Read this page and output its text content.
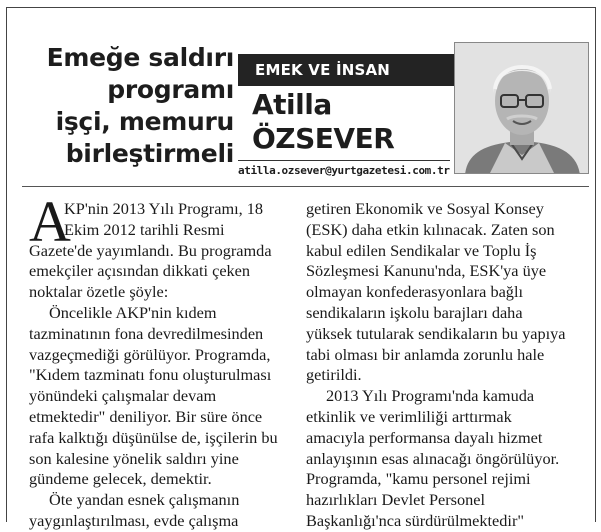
Emeğe saldırı
programı
işçi, memuru
birleştirmeli
EMEK VE İNSAN
Atilla
ÖZSEVER
atilla.ozsever@yurtgazetesi.com.tr
A

KP'nin 2013 Yılı Programı, 18

Ekim 2012 tarihli Resmi

Gazete'de yayımlandı. Bu programda

emekçiler açısından dikkati çeken

noktalar özetle şöyle:

Öncelikle AKP'nin kıdem

tazminatının fona devredilmesinden

vazgeçmediği görülüyor. Programda,

"Kıdem tazminatı fonu oluşturulması

yönündeki çalışmalar devam

etmektedir" deniliyor. Bir süre önce

rafa kalktığı düşünülse de, işçilerin bu

son kalesine yönelik saldırı yine

gündeme gelecek, demektir.

Öte yandan esnek çalışmanın

yaygınlaştırılması, evde çalışma

getiren Ekonomik ve Sosyal Konsey

(ESK) daha etkin kılınacak. Zaten son

kabul edilen Sendikalar ve Toplu İş

Sözleşmesi Kanunu'nda, ESK'ya üye

olmayan konfederasyonlara bağlı

sendikaların işkolu barajları daha

yüksek tutularak sendikaların bu yapıya

tabi olması bir anlamda zorunlu hale

getirildi.

2013 Yılı Programı'nda kamuda

etkinlik ve verimliliği arttırmak

amacıyla performansa dayalı hizmet

anlayışının esas alınacağı öngörülüyor.

Programda, "kamu personel rejimi

hazırlıkları Devlet Personel

Başkanlığı'nca sürdürülmektedir"
